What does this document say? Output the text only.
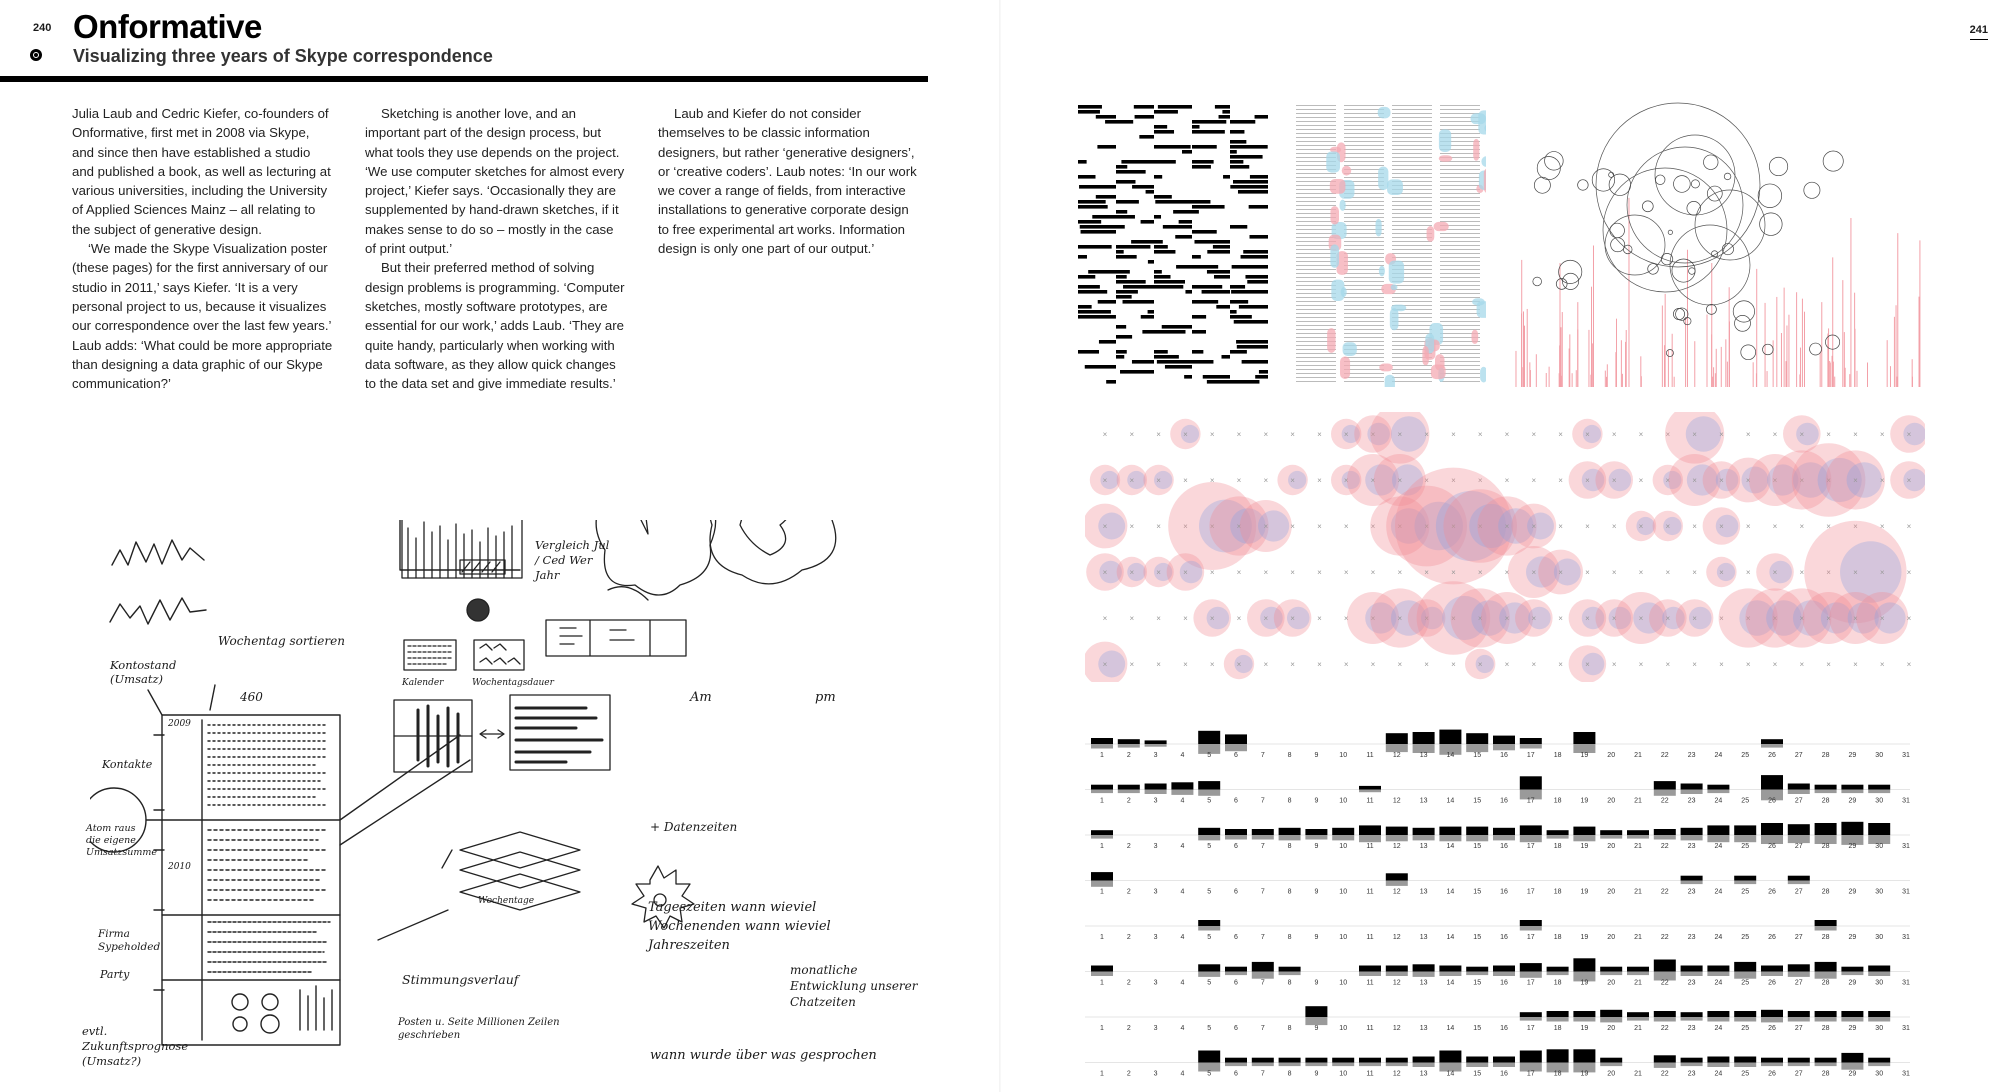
240 Onformative
Visualizing three years of Skype correspondence

Julia Laub and Cedric Kiefer, co-founders of Onformative, first met in 2008 via Skype, and since then have established a studio and published a book, as well as lecturing at various universities, including the University of Applied Sciences Mainz – all relating to the subject of generative design.

‘We made the Skype Visualization poster (these pages) for the first anniversary of our studio in 2011,’ says Kiefer. ‘It is a very personal project to us, because it visualizes our correspondence over the last few years.’ Laub adds: ‘What could be more appropriate than designing a data graphic of our Skype communication?’

Sketching is another love, and an important part of the design process, but what tools they use depends on the project. ‘We use computer sketches for almost every project,’ Kiefer says. ‘Occasionally they are supplemented by hand-drawn sketches, if it makes sense to do so – mostly in the case of print output.’

But their preferred method of solving design problems is programming. ‘Computer sketches, mostly software prototypes, are essential for our work,’ adds Laub. ‘They are quite handy, particularly when working with data software, as they allow quick changes to the data set and give immediate results.’

Laub and Kiefer do not consider themselves to be classic information designers, but rather ‘generative designers’, or ‘creative coders’. Laub notes: ‘In our work we cover a range of fields, from interactive installations to generative corporate design to free experimental art works. Information design is only one part of our output.’

Wochentag sortieren
Kontostand (Umsatz)
460
Kontakte
2009
2010
Atom raus die eigene Umsatzsumme
Firma Sypeholded
Party
evtl. Zukunftsprognose (Umsatz?)
Vergleich Jul / Ced Wer Jahr
Kalender	Wochentagsdauer
Am	pm
+ Datenzeiten
Wochentage	Tageszeiten wann wieviel Wochenenden wann wieviel Jahreszeiten
Stimmungsverlauf
Posten u. Seite Millionen Zeilen geschrieben
monatliche Entwicklung unserer Chatzeiten
wann wurde über was gesprochen
241
×	×	×	×	×	×	×	×	×	×	×	×	×	×	×	×	×	×	×	×	×	×	×	×	×	×	×	×	×	×	×
×	×	×	×	×	×	×	×	×	×	×	×	×	×	×	×	×	×	×	×	×	×	×	×	×	×	×	×	×	×	×
×	×	×	×	×	×	×	×	×	×	×	×	×	×	×	×	×	×	×	×	×	×	×	×	×	×	×	×	×	×	×
×	×	×	×	×	×	×	×	×	×	×	×	×	×	×	×	×	×	×	×	×	×	×	×	×	×	×	×	×	×	×
×	×	×	×	×	×	×	×	×	×	×	×	×	×	×	×	×	×	×	×	×	×	×	×	×	×	×	×	×	×	×
×	×	×	×	×	×	×	×	×	×	×	×	×	×	×	×	×	×	×	×	×	×	×	×	×	×	×	×	×	×	×
1	2	3	4	5	6	7	8	9	10	11	12	13	14	15	16	17	18	19	20	21	22	23	24	25	26	27	28	29	30	31
1	2	3	4	5	6	7	8	9	10	11	12	13	14	15	16	17	18	19	20	21	22	23	24	25	26	27	28	29	30	31
1	2	3	4	5	6	7	8	9	10	11	12	13	14	15	16	17	18	19	20	21	22	23	24	25	26	27	28	29	30	31
1	2	3	4	5	6	7	8	9	10	11	12	13	14	15	16	17	18	19	20	21	22	23	24	25	26	27	28	29	30	31
1	2	3	4	5	6	7	8	9	10	11	12	13	14	15	16	17	18	19	20	21	22	23	24	25	26	27	28	29	30	31
1	2	3	4	5	6	7	8	9	10	11	12	13	14	15	16	17	18	19	20	21	22	23	24	25	26	27	28	29	30	31
1	2	3	4	5	6	7	8	9	10	11	12	13	14	15	16	17	18	19	20	21	22	23	24	25	26	27	28	29	30	31
1	2	3	4	5	6	7	8	9	10	11	12	13	14	15	16	17	18	19	20	21	22	23	24	25	26	27	28	29	30	31
